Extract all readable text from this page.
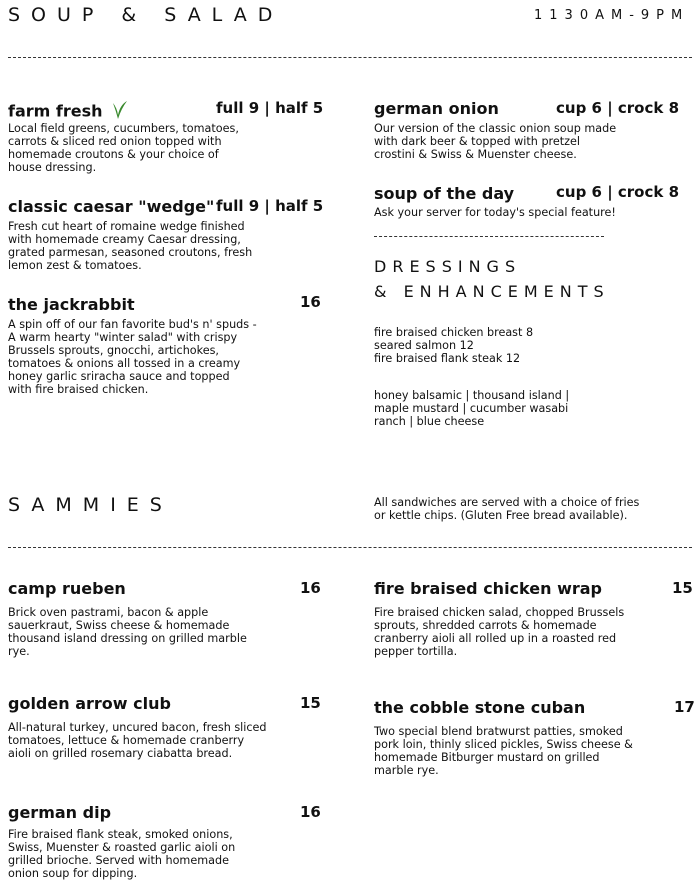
SOUP & SALAD	1130AM-9PM
farm fresh	full 9 | half 5
Local field greens, cucumbers, tomatoes,
carrots & sliced red onion topped with
homemade croutons & your choice of
house dressing.
classic caesar "wedge" full 9 | half 5
Fresh cut heart of romaine wedge finished
with homemade creamy Caesar dressing,
grated parmesan, seasoned croutons, fresh
lemon zest & tomatoes.
the jackrabbit	16
A spin off of our fan favorite bud's n' spuds -
A warm hearty "winter salad" with crispy
Brussels sprouts, gnocchi, artichokes,
tomatoes & onions all tossed in a creamy
honey garlic sriracha sauce and topped
with fire braised chicken.
german onion	cup 6 | crock 8
Our version of the classic onion soup made
with dark beer & topped with pretzel
crostini & Swiss & Muenster cheese.
soup of the day	cup 6 | crock 8
Ask your server for today's special feature!
DRESSINGS
& ENHANCEMENTS
fire braised chicken breast 8
seared salmon 12
fire braised flank steak 12
honey balsamic | thousand island |
maple mustard | cucumber wasabi
ranch | blue cheese
SAMMIES	All sandwiches are served with a choice of fries
or kettle chips. (Gluten Free bread available).
camp rueben	16
Brick oven pastrami, bacon & apple
sauerkraut, Swiss cheese & homemade
thousand island dressing on grilled marble
rye.
golden arrow club	15
All-natural turkey, uncured bacon, fresh sliced
tomatoes, lettuce & homemade cranberry
aioli on grilled rosemary ciabatta bread.
german dip	16
Fire braised flank steak, smoked onions,
Swiss, Muenster & roasted garlic aioli on
grilled brioche. Served with homemade
onion soup for dipping.
fire braised chicken wrap	15
Fire braised chicken salad, chopped Brussels
sprouts, shredded carrots & homemade
cranberry aioli all rolled up in a roasted red
pepper tortilla.
the cobble stone cuban	17
Two special blend bratwurst patties, smoked
pork loin, thinly sliced pickles, Swiss cheese &
homemade Bitburger mustard on grilled
marble rye.
